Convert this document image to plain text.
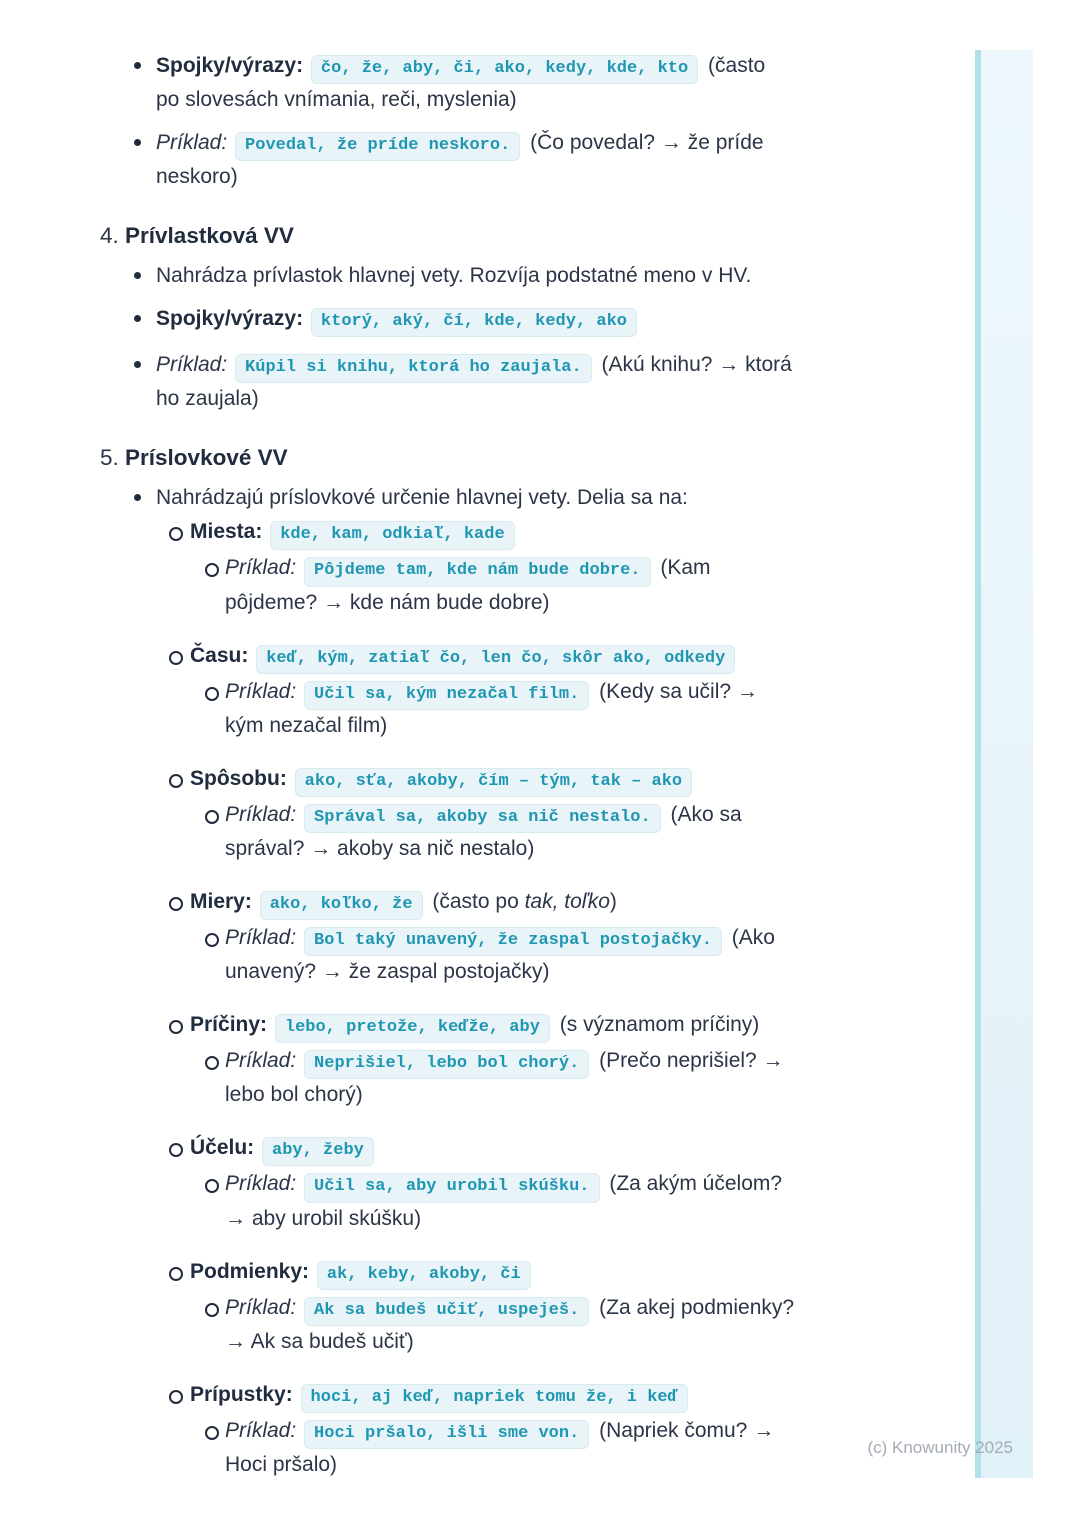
Spojky/výrazy: čo, že, aby, či, ako, kedy, kde, kto (často
po slovesách vnímania, reči, myslenia)
Príklad: Povedal, že príde neskoro. (Čo povedal? → že príde
neskoro)
4. Prívlastková VV
Nahrádza prívlastok hlavnej vety. Rozvíja podstatné meno v HV.
Spojky/výrazy: ktorý, aký, čí, kde, kedy, ako
Príklad: Kúpil si knihu, ktorá ho zaujala. (Akú knihu? → ktorá
ho zaujala)
5. Príslovkové VV
Nahrádzajú príslovkové určenie hlavnej vety. Delia sa na:
Miesta: kde, kam, odkiaľ, kade
Príklad: Pôjdeme tam, kde nám bude dobre. (Kam
pôjdeme? → kde nám bude dobre)
Času: keď, kým, zatiaľ čo, len čo, skôr ako, odkedy
Príklad: Učil sa, kým nezačal film. (Kedy sa učil? →
kým nezačal film)
Spôsobu: ako, sťa, akoby, čím – tým, tak – ako
Príklad: Správal sa, akoby sa nič nestalo. (Ako sa
správal? → akoby sa nič nestalo)
Miery: ako, koľko, že (často po tak, toľko)
Príklad: Bol taký unavený, že zaspal postojačky. (Ako
unavený? → že zaspal postojačky)
Príčiny: lebo, pretože, keďže, aby (s významom príčiny)
Príklad: Neprišiel, lebo bol chorý. (Prečo neprišiel? →
lebo bol chorý)
Účelu: aby, žeby
Príklad: Učil sa, aby urobil skúšku. (Za akým účelom?
→ aby urobil skúšku)
Podmienky: ak, keby, akoby, či
Príklad: Ak sa budeš učiť, uspeješ. (Za akej podmienky?
→ Ak sa budeš učiť)
Prípustky: hoci, aj keď, napriek tomu že, i keď
Príklad: Hoci pršalo, išli sme von. (Napriek čomu? →
Hoci pršalo)
(c) Knowunity 2025
